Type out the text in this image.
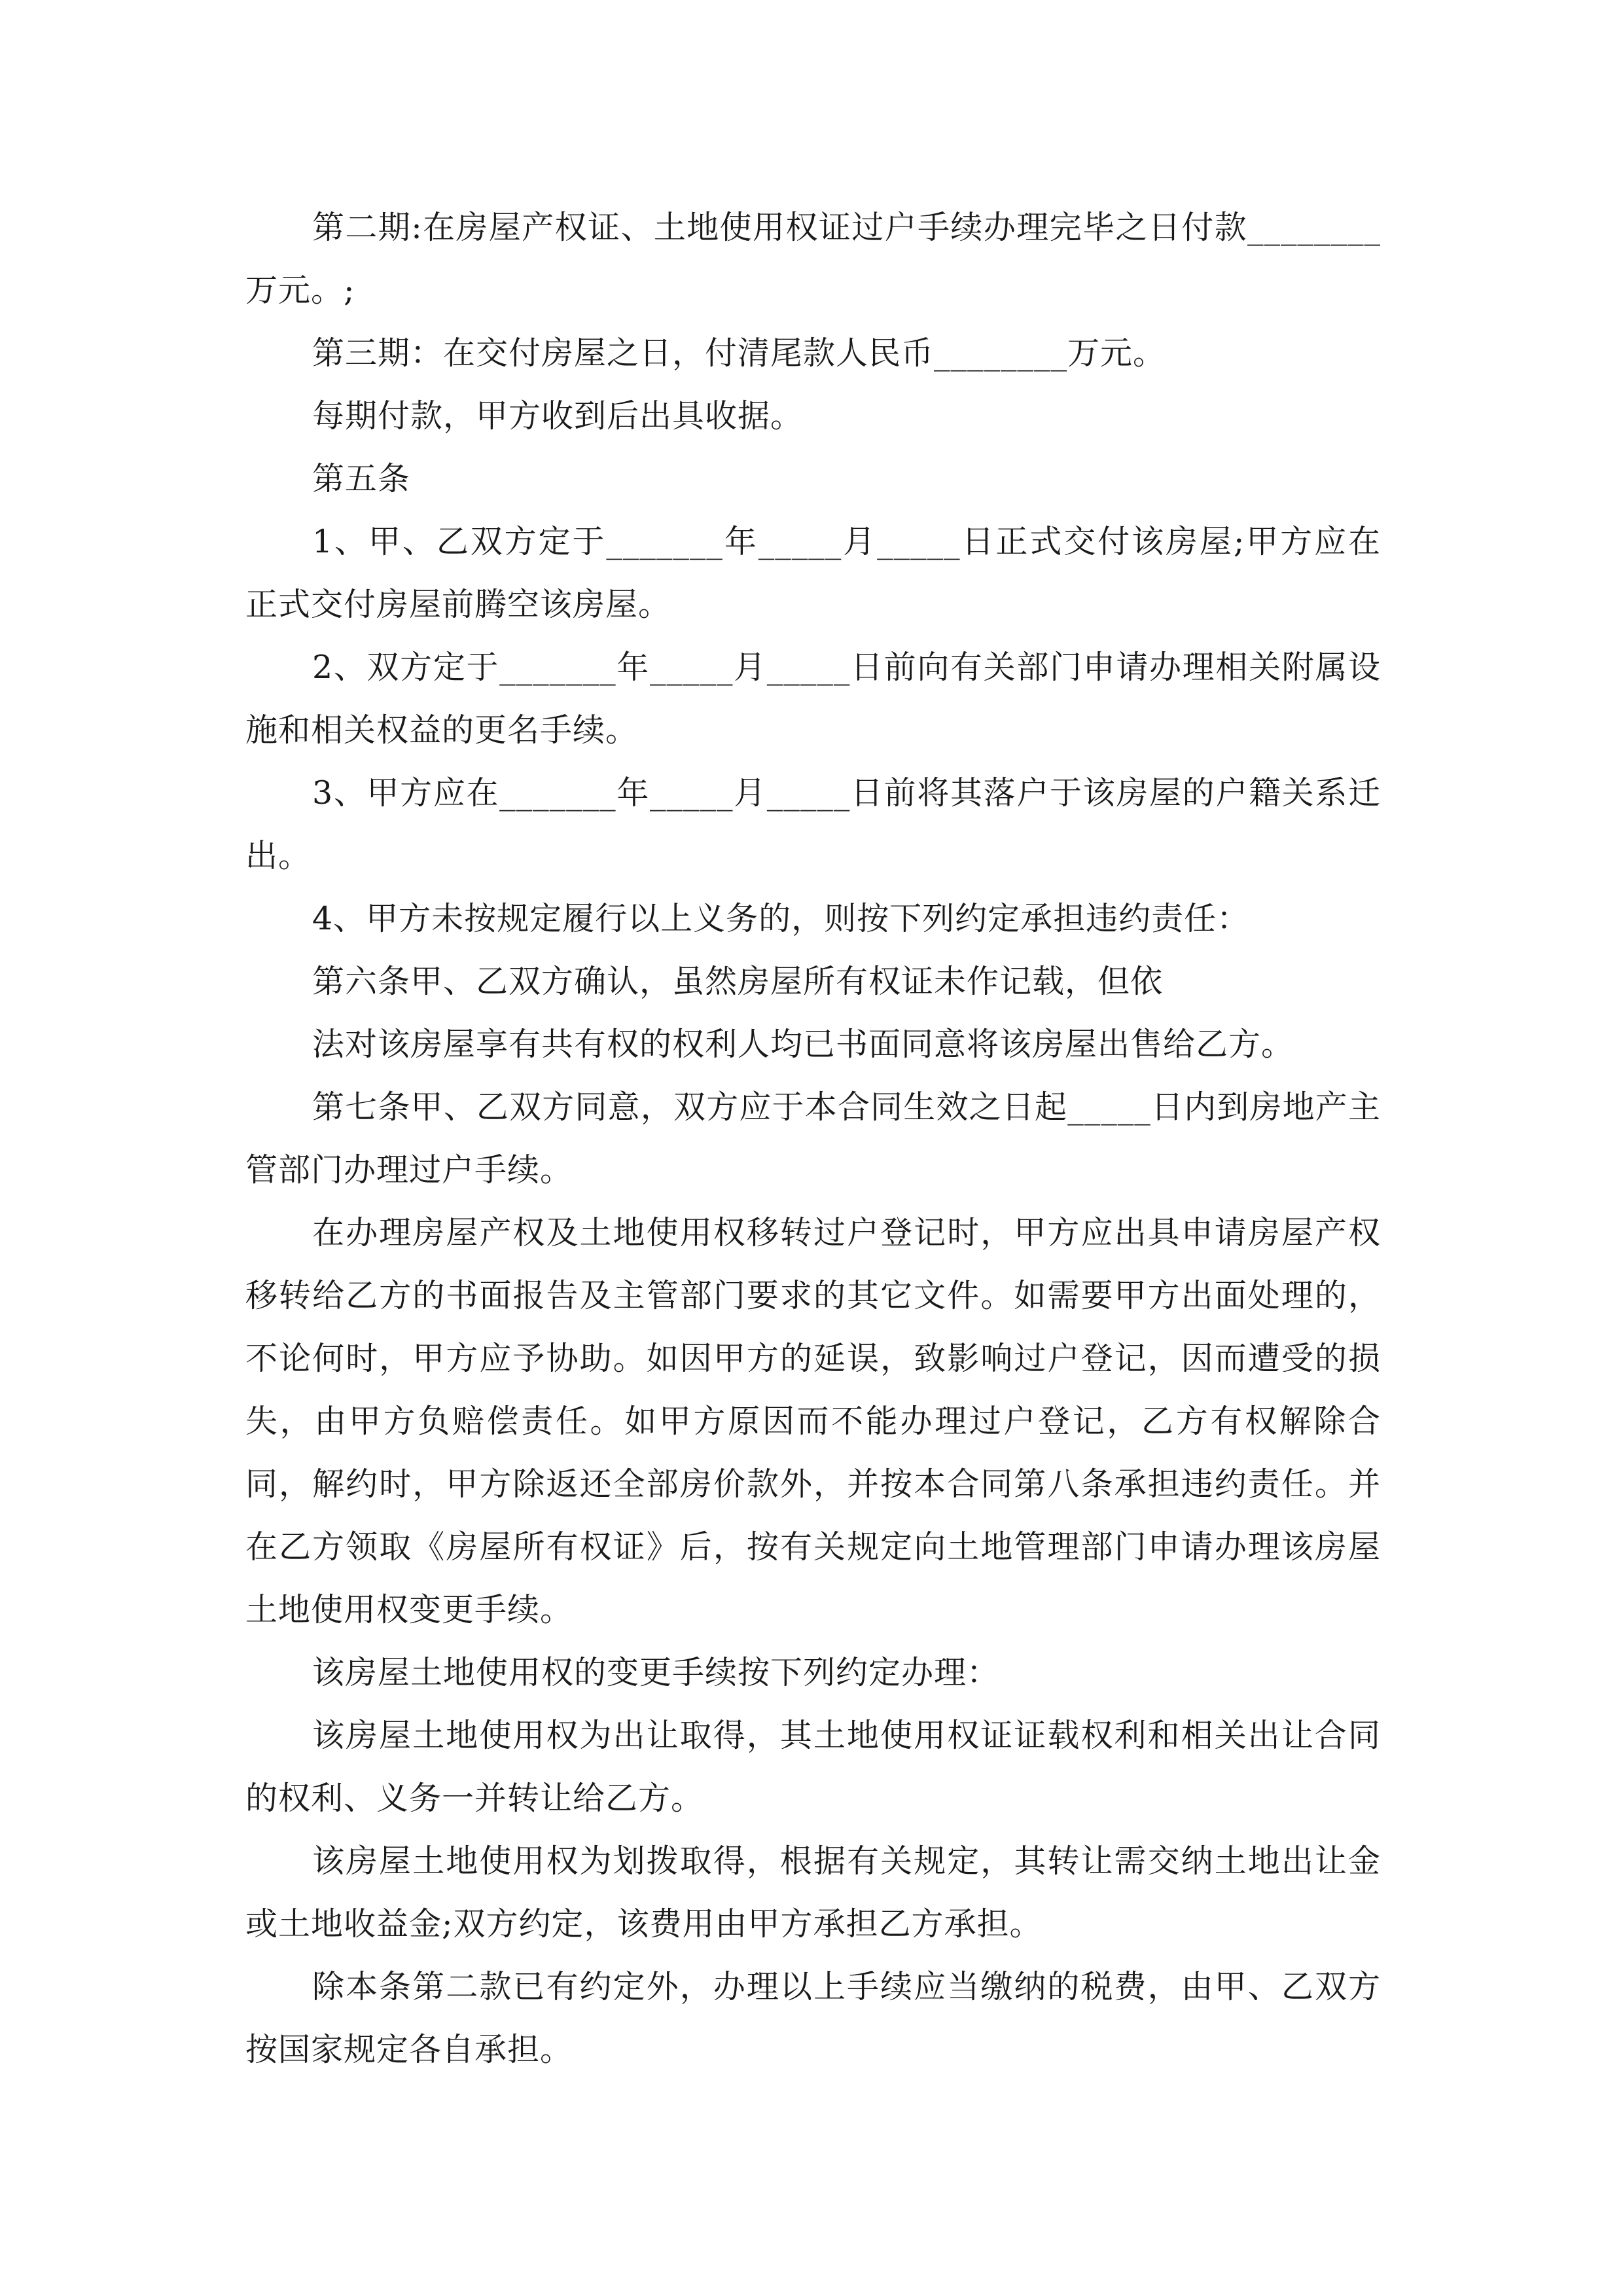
第二期:在房屋产权证、土地使用权证过户手续办理完毕之日付款________万元。;

第三期：在交付房屋之日，付清尾款人民币________万元。

每期付款，甲方收到后出具收据。

第五条

1、甲、乙双方定于_______年_____月_____日正式交付该房屋;甲方应在正式交付房屋前腾空该房屋。

2、双方定于_______年_____月_____日前向有关部门申请办理相关附属设施和相关权益的更名手续。

3、甲方应在_______年_____月_____日前将其落户于该房屋的户籍关系迁出。

4、甲方未按规定履行以上义务的，则按下列约定承担违约责任：

第六条甲、乙双方确认，虽然房屋所有权证未作记载，但依

法对该房屋享有共有权的权利人均已书面同意将该房屋出售给乙方。

第七条甲、乙双方同意，双方应于本合同生效之日起_____日内到房地产主管部门办理过户手续。

在办理房屋产权及土地使用权移转过户登记时，甲方应出具申请房屋产权移转给乙方的书面报告及主管部门要求的其它文件。如需要甲方出面处理的，不论何时，甲方应予协助。如因甲方的延误，致影响过户登记，因而遭受的损失，由甲方负赔偿责任。如甲方原因而不能办理过户登记，乙方有权解除合同，解约时，甲方除返还全部房价款外，并按本合同第八条承担违约责任。并在乙方领取《房屋所有权证》后，按有关规定向土地管理部门申请办理该房屋土地使用权变更手续。

该房屋土地使用权的变更手续按下列约定办理：

该房屋土地使用权为出让取得，其土地使用权证证载权利和相关出让合同的权利、义务一并转让给乙方。

该房屋土地使用权为划拨取得，根据有关规定，其转让需交纳土地出让金或土地收益金;双方约定，该费用由甲方承担乙方承担。

除本条第二款已有约定外，办理以上手续应当缴纳的税费，由甲、乙双方按国家规定各自承担。
